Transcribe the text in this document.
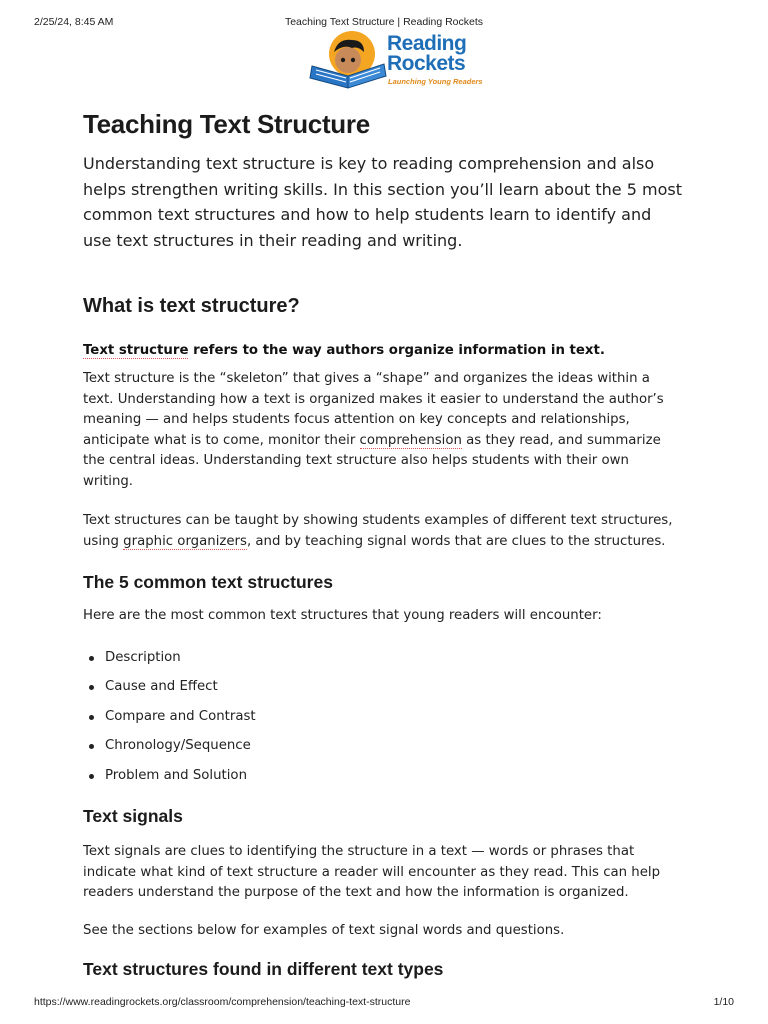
2/25/24, 8:45 AM	Teaching Text Structure | Reading Rockets
Reading
Rockets
Launching Young Readers
Teaching Text Structure

Understanding text structure is key to reading comprehension and also helps strengthen writing skills. In this section you’ll learn about the 5 most common text structures and how to help students learn to identify and use text structures in their reading and writing.

What is text structure?

Text structure refers to the way authors organize information in text.

Text structure is the “skeleton” that gives a “shape” and organizes the ideas within a text. Understanding how a text is organized makes it easier to understand the author’s meaning — and helps students focus attention on key concepts and relationships, anticipate what is to come, monitor their comprehension as they read, and summarize the central ideas. Understanding text structure also helps students with their own writing.

Text structures can be taught by showing students examples of different text structures, using graphic organizers, and by teaching signal words that are clues to the structures.

The 5 common text structures

Here are the most common text structures that young readers will encounter:

Description
Cause and Effect
Compare and Contrast
Chronology/Sequence
Problem and Solution
Text signals

Text signals are clues to identifying the structure in a text — words or phrases that indicate what kind of text structure a reader will encounter as they read. This can help readers understand the purpose of the text and how the information is organized.

See the sections below for examples of text signal words and questions.

Text structures found in different text types
https://www.readingrockets.org/classroom/comprehension/teaching-text-structure	1/10
